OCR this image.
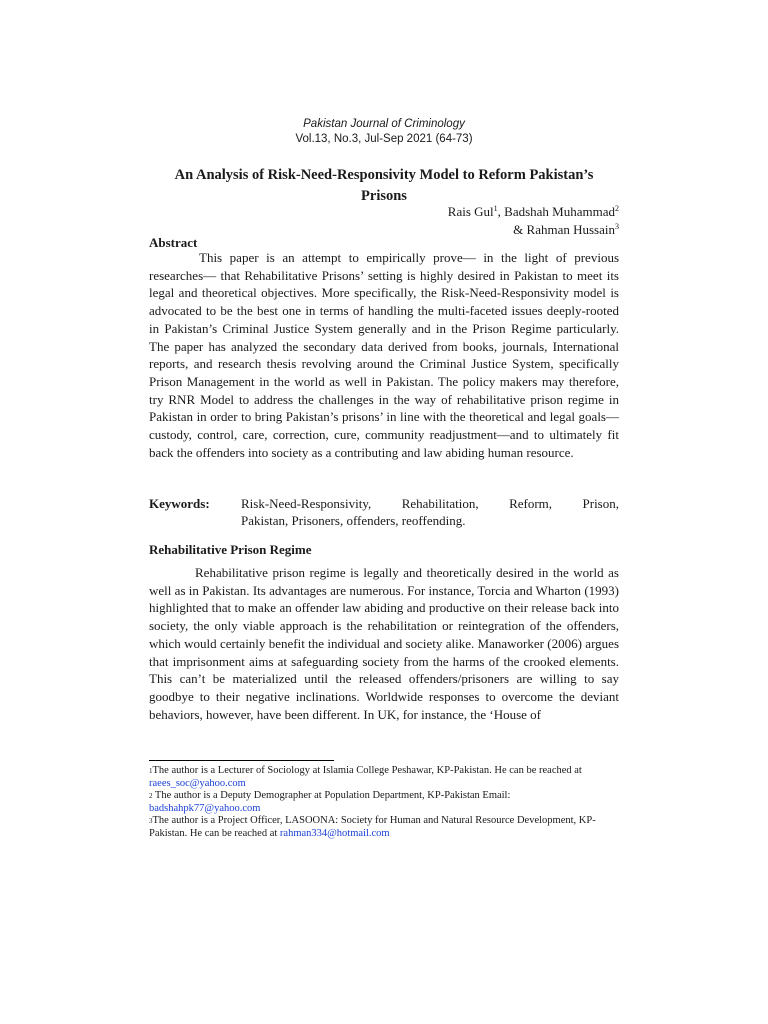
Pakistan Journal of Criminology
Vol.13, No.3, Jul-Sep 2021 (64-73)
An Analysis of Risk-Need-Responsivity Model to Reform Pakistan’s Prisons
Rais Gul$^1$, Badshah Muhammad$^2$
& Rahman Hussain$^3$
Abstract
This paper is an attempt to empirically prove— in the light of previous researches— that Rehabilitative Prisons’ setting is highly desired in Pakistan to meet its legal and theoretical objectives. More specifically, the Risk-Need-Responsivity model is advocated to be the best one in terms of handling the multi-faceted issues deeply-rooted in Pakistan’s Criminal Justice System generally and in the Prison Regime particularly. The paper has analyzed the secondary data derived from books, journals, International reports, and research thesis revolving around the Criminal Justice System, specifically Prison Management in the world as well in Pakistan. The policy makers may therefore, try RNR Model to address the challenges in the way of rehabilitative prison regime in Pakistan in order to bring Pakistan’s prisons’ in line with the theoretical and legal goals—custody, control, care, correction, cure, community readjustment—and to ultimately fit back the offenders into society as a contributing and law abiding human resource.
Keywords: Risk-Need-Responsivity, Rehabilitation, Reform, Prison,
Pakistan, Prisoners, offenders, reoffending.
Rehabilitative Prison Regime
Rehabilitative prison regime is legally and theoretically desired in the world as well as in Pakistan. Its advantages are numerous. For instance, Torcia and Wharton (1993) highlighted that to make an offender law abiding and productive on their release back into society, the only viable approach is the rehabilitation or reintegration of the offenders, which would certainly benefit the individual and society alike. Manaworker (2006) argues that imprisonment aims at safeguarding society from the harms of the crooked elements. This can’t be materialized until the released offenders/prisoners are willing to say goodbye to their negative inclinations. Worldwide responses to overcome the deviant behaviors, however, have been different. In UK, for instance, the ‘House of

$^1$The author is a Lecturer of Sociology at Islamia College Peshawar, KP-Pakistan. He can be reached at raees_soc@yahoo.com

$^2$ The author is a Deputy Demographer at Population Department, KP-Pakistan Email:
badshahpk77@yahoo.com

$^3$The author is a Project Officer, LASOONA: Society for Human and Natural Resource Development, KP-Pakistan. He can be reached at rahman334@hotmail.com
